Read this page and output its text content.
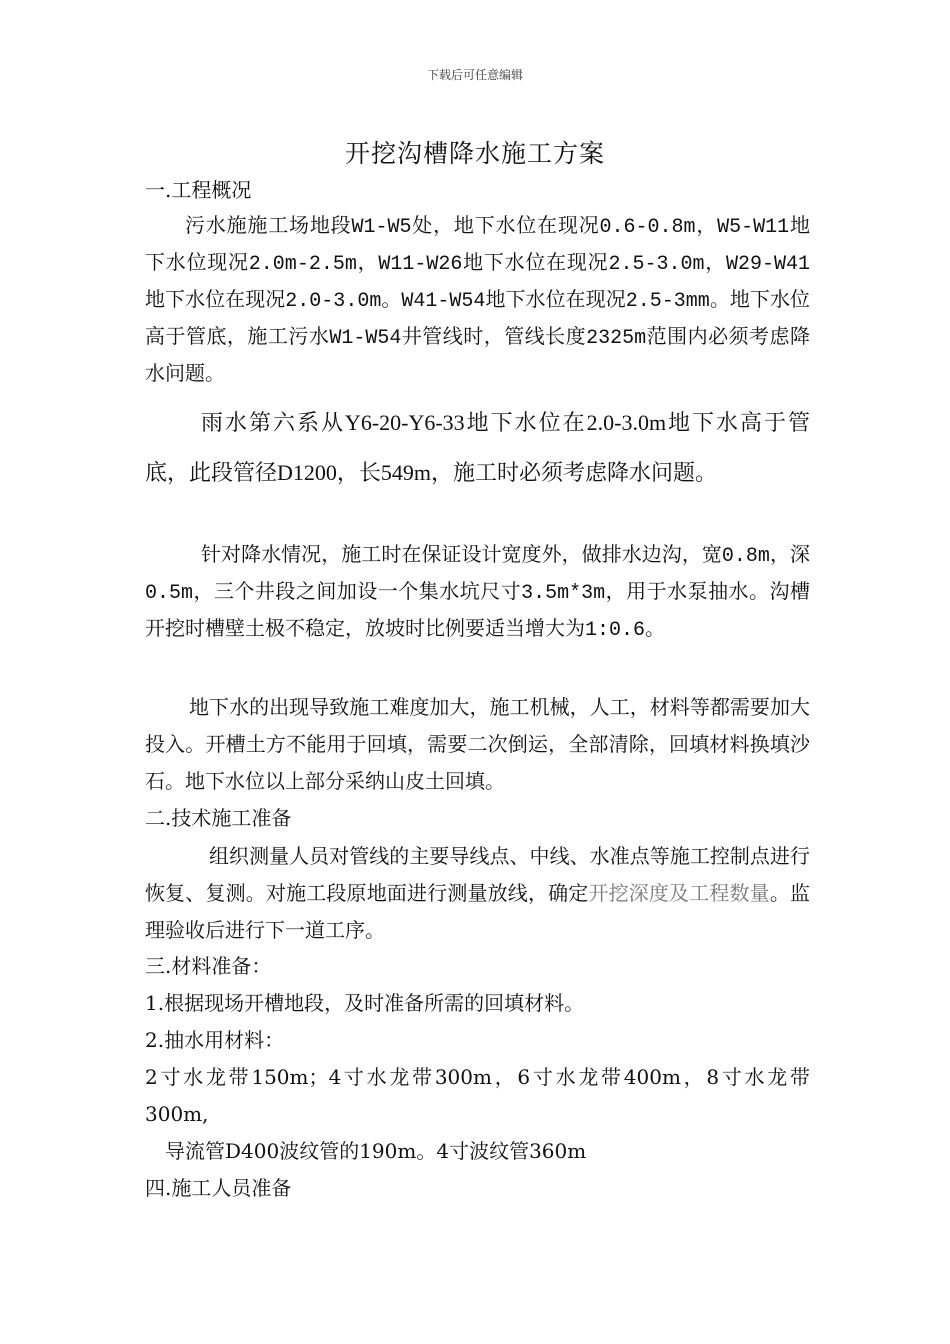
下载后可任意编辑
开挖沟槽降水施工方案
一.工程概况
污水施施工场地段W1-W5处，地下水位在现况0.6-0.8m，W5-W11地下水位现况2.0m-2.5m，W11-W26地下水位在现况2.5-3.0m，W29-W41地下水位在现况2.0-3.0m。W41-W54地下水位在现况2.5-3mm。地下水位高于管底，施工污水W1-W54井管线时，管线长度2325m范围内必须考虑降水问题。
雨水第六系从Y6-20-Y6-33地下水位在2.0-3.0m地下水高于管底，此段管径D1200，长549m，施工时必须考虑降水问题。
针对降水情况，施工时在保证设计宽度外，做排水边沟，宽0.8m，深0.5m，三个井段之间加设一个集水坑尺寸3.5m*3m，用于水泵抽水。沟槽开挖时槽壁土极不稳定，放坡时比例要适当增大为1:0.6。
地下水的出现导致施工难度加大，施工机械，人工，材料等都需要加大投入。开槽土方不能用于回填，需要二次倒运，全部清除，回填材料换填沙石。地下水位以上部分采纳山皮土回填。
二.技术施工准备
组织测量人员对管线的主要导线点、中线、水准点等施工控制点进行恢复、复测。对施工段原地面进行测量放线，确定开挖深度及工程数量。监理验收后进行下一道工序。
三.材料准备：
1.根据现场开槽地段，及时准备所需的回填材料。
2.抽水用材料：
2寸水龙带150m；4寸水龙带300m，6寸水龙带400m，8寸水龙带300m,
导流管D400波纹管的190m。4寸波纹管360m
四.施工人员准备
